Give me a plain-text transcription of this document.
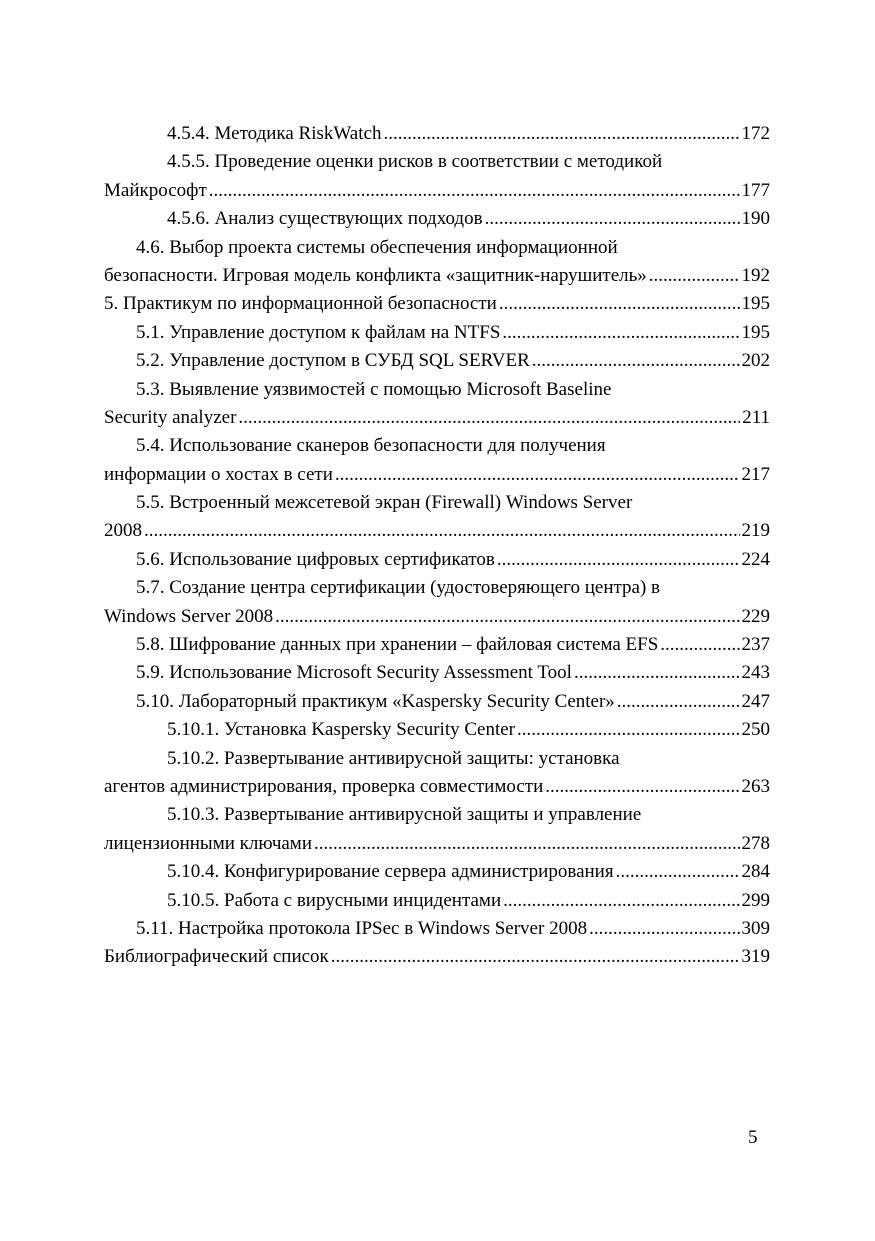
4.5.4. Методика RiskWatch .....	172
4.5.5. Проведение оценки рисков в соответствии с методикой
Майкрософт .....	177
4.5.6. Анализ существующих подходов .....	190
4.6. Выбор проекта системы обеспечения информационной
безопасности. Игровая модель конфликта «защитник-нарушитель» .....	192
5. Практикум по информационной безопасности .....	195
5.1. Управление доступом к файлам на NTFS .....	195
5.2. Управление доступом в СУБД SQL SERVER .....	202
5.3. Выявление уязвимостей с помощью Microsoft Baseline
Security analyzer .....	211
5.4. Использование сканеров безопасности для получения
информации о хостах в сети .....	217
5.5. Встроенный межсетевой экран (Firewall) Windows Server
2008 .....	219
5.6. Использование цифровых сертификатов .....	224
5.7. Создание центра сертификации (удостоверяющего центра) в
Windows Server 2008 .....	229
5.8. Шифрование данных при хранении – файловая система EFS .....	237
5.9. Использование Microsoft Security Assessment Tool .....	243
5.10. Лабораторный практикум «Kaspersky Security Center» .....	247
5.10.1. Установка Kaspersky Security Center .....	250
5.10.2. Развертывание антивирусной защиты: установка
агентов администрирования, проверка совместимости .....	263
5.10.3. Развертывание антивирусной защиты и управление
лицензионными ключами .....	278
5.10.4. Конфигурирование сервера администрирования .....	284
5.10.5. Работа с вирусными инцидентами .....	299
5.11. Настройка протокола IPSec в Windows Server 2008 .....	309
Библиографический список .....	319
5
